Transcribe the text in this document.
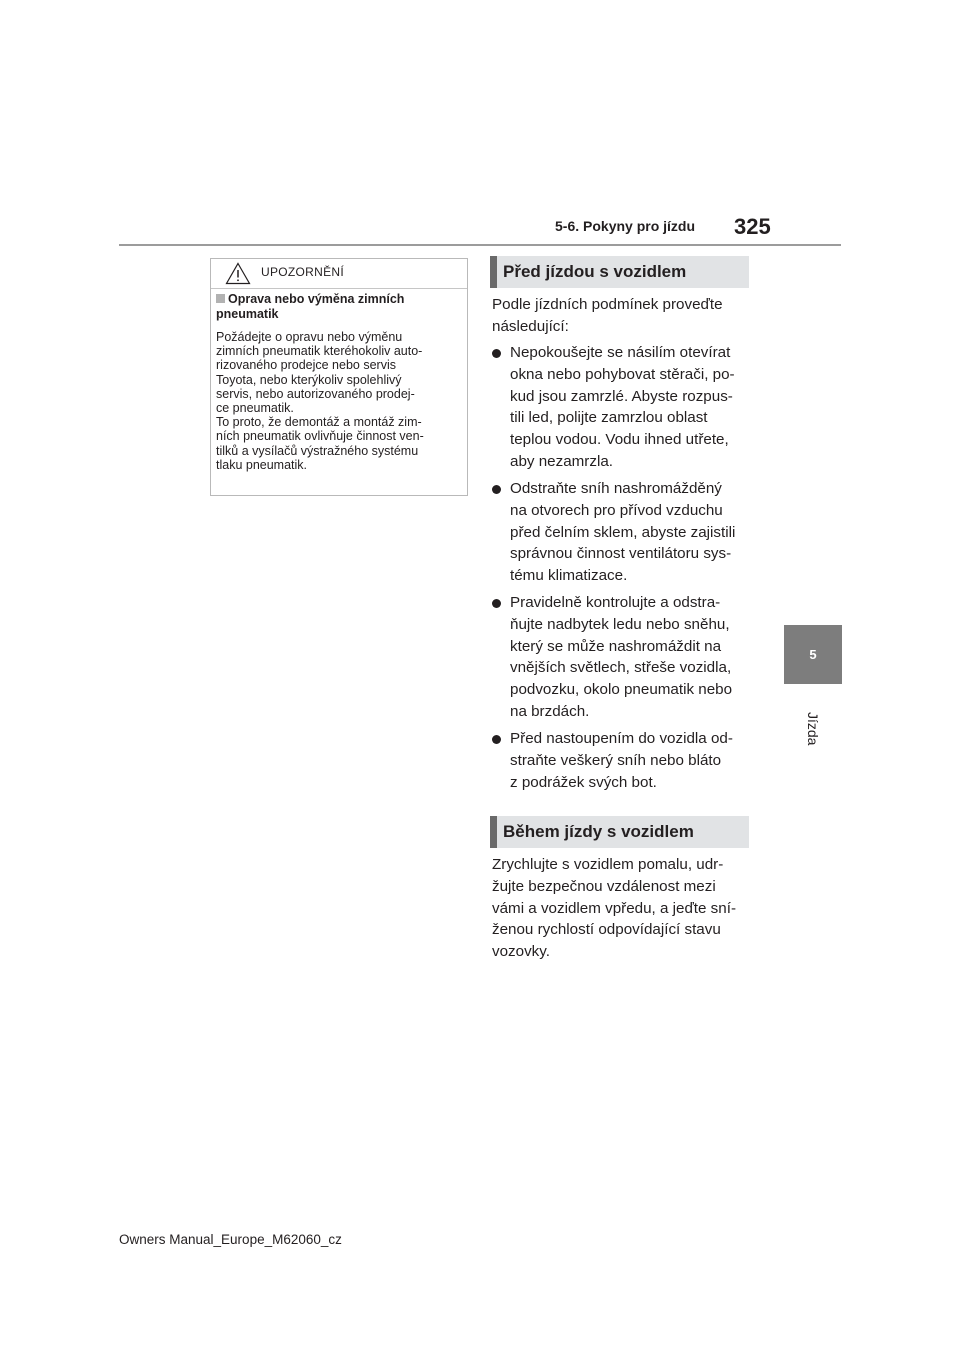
5-6. Pokyny pro jízdu 325
5
Jízda
UPOZORNĚNÍ
Oprava nebo výměna zimních pneumatik
Požádejte o opravu nebo výměnu
zimních pneumatik kteréhokoliv auto-
rizovaného prodejce nebo servis
Toyota, nebo kterýkoliv spolehlivý
servis, nebo autorizovaného prodej-
ce pneumatik.
To proto, že demontáž a montáž zim-
ních pneumatik ovlivňuje činnost ven-
tilků a vysílačů výstražného systému
tlaku pneumatik.
Před jízdou s vozidlem
Podle jízdních podmínek proveďte
následující:
Nepokoušejte se násilím otevírat
okna nebo pohybovat stěrači, po-
kud jsou zamrzlé. Abyste rozpus-
tili led, polijte zamrzlou oblast
teplou vodou. Vodu ihned utřete,
aby nezamrzla.
Odstraňte sníh nashromážděný
na otvorech pro přívod vzduchu
před čelním sklem, abyste zajistili
správnou činnost ventilátoru sys-
tému klimatizace.
Pravidelně kontrolujte a odstra-
ňujte nadbytek ledu nebo sněhu,
který se může nashromáždit na
vnějších světlech, střeše vozidla,
podvozku, okolo pneumatik nebo
na brzdách.
Před nastoupením do vozidla od-
straňte veškerý sníh nebo bláto
z podrážek svých bot.
Během jízdy s vozidlem
Zrychlujte s vozidlem pomalu, udr-
žujte bezpečnou vzdálenost mezi
vámi a vozidlem vpředu, a jeďte sní-
ženou rychlostí odpovídající stavu
vozovky.
Owners Manual_Europe_M62060_cz
